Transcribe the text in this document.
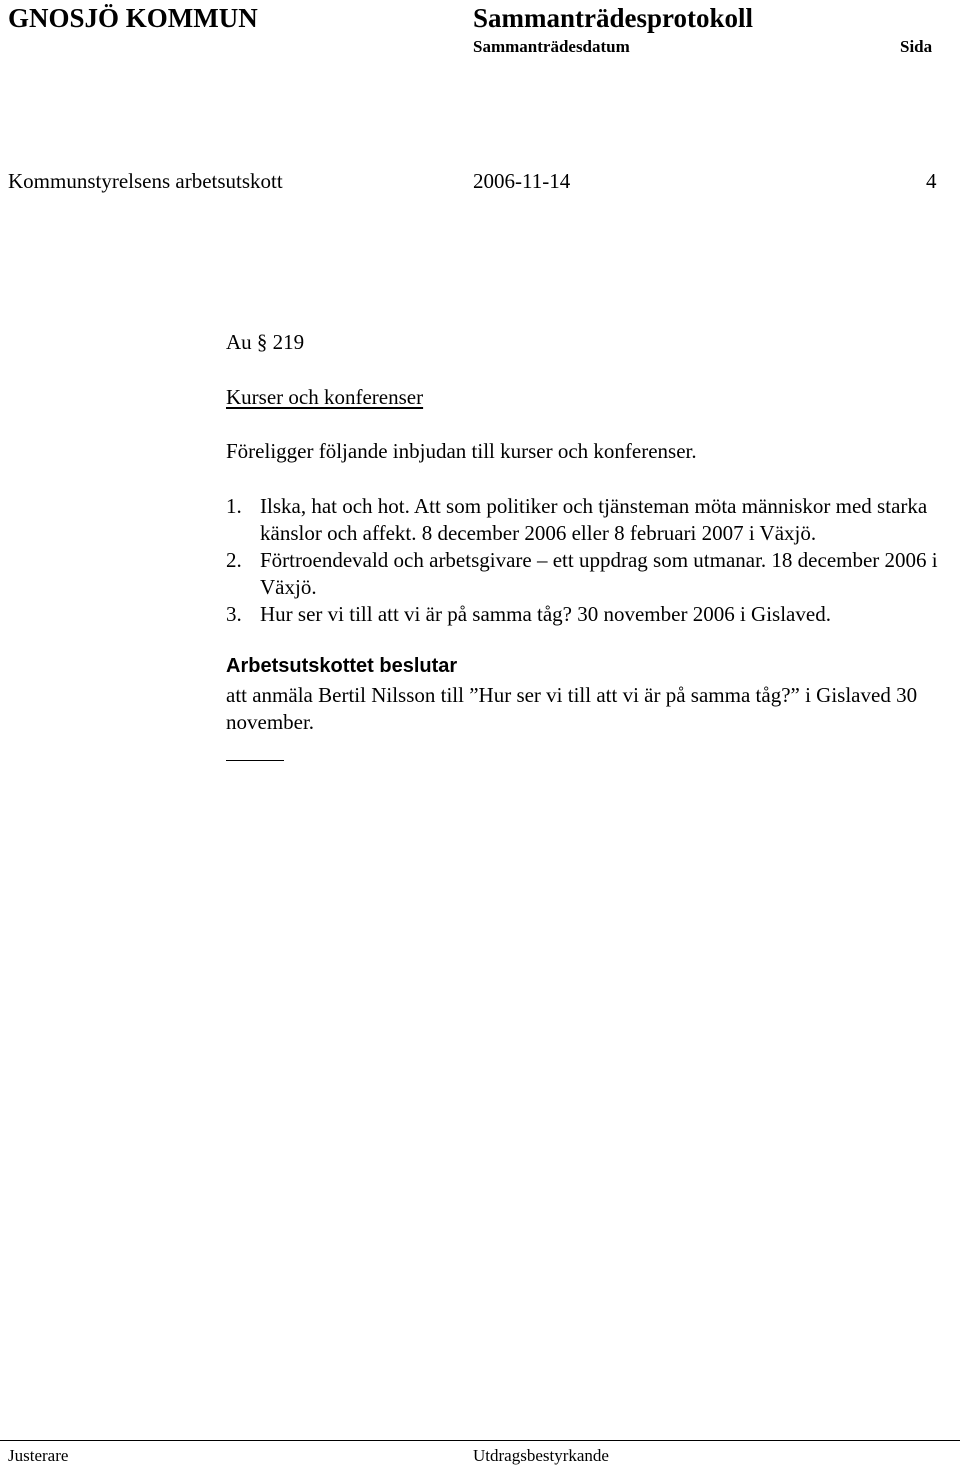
GNOSJÖ KOMMUN	Sammanträdesprotokoll
Sammanträdesdatum	Sida
Kommunstyrelsens arbetsutskott	2006-11-14	4
Au § 219
Kurser och konferenser
Föreligger följande inbjudan till kurser och konferenser.
1. Ilska, hat och hot. Att som politiker och tjänsteman möta människor med starka känslor och affekt. 8 december 2006 eller 8 februari 2007 i Växjö.
2. Förtroendevald och arbetsgivare – ett uppdrag som utmanar. 18 december 2006 i Växjö.
3. Hur ser vi till att vi är på samma tåg? 30 november 2006 i Gislaved.
Arbetsutskottet beslutar
att anmäla Bertil Nilsson till ”Hur ser vi till att vi är på samma tåg?” i Gislaved 30 november.
Justerare	Utdragsbestyrkande
